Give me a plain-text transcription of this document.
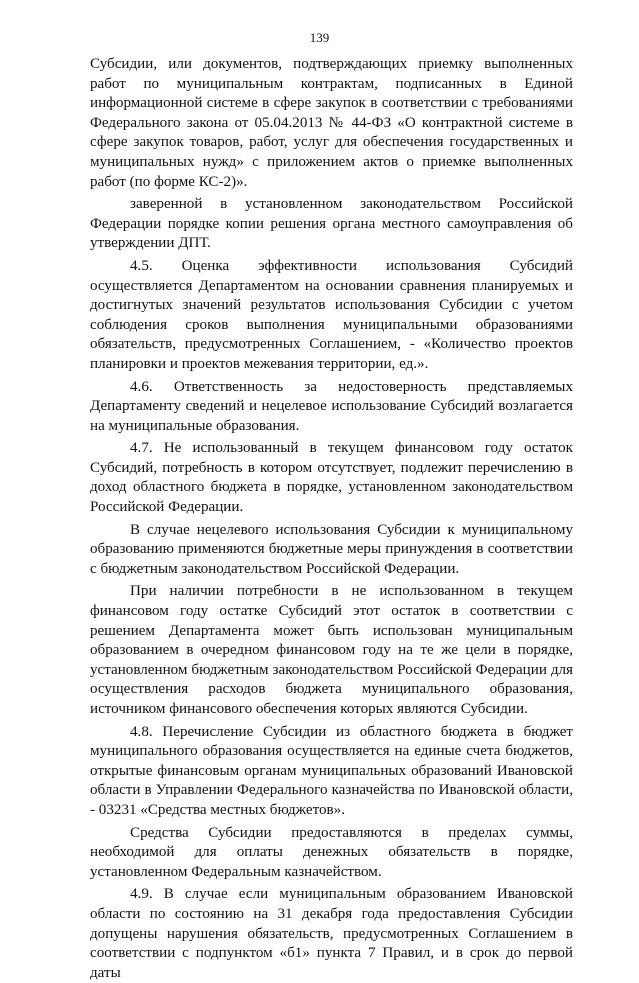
139

Субсидии, или документов, подтверждающих приемку выполненных работ по муниципальным контрактам, подписанных в Единой информационной системе в сфере закупок в соответствии с требованиями Федерального закона от 05.04.2013 № 44-ФЗ «О контрактной системе в сфере закупок товаров, работ, услуг для обеспечения государственных и муниципальных нужд» с приложением актов о приемке выполненных работ (по форме КС-2)».

заверенной в установленном законодательством Российской Федерации порядке копии решения органа местного самоуправления об утверждении ДПТ.

4.5. Оценка эффективности использования Субсидий осуществляется Департаментом на основании сравнения планируемых и достигнутых значений результатов использования Субсидии с учетом соблюдения сроков выполнения муниципальными образованиями обязательств, предусмотренных Соглашением, - «Количество проектов планировки и проектов межевания территории, ед.».

4.6. Ответственность за недостоверность представляемых Департаменту сведений и нецелевое использование Субсидий возлагается на муниципальные образования.

4.7. Не использованный в текущем финансовом году остаток Субсидий, потребность в котором отсутствует, подлежит перечислению в доход областного бюджета в порядке, установленном законодательством Российской Федерации.

В случае нецелевого использования Субсидии к муниципальному образованию применяются бюджетные меры принуждения в соответствии с бюджетным законодательством Российской Федерации.

При наличии потребности в не использованном в текущем финансовом году остатке Субсидий этот остаток в соответствии с решением Департамента может быть использован муниципальным образованием в очередном финансовом году на те же цели в порядке, установленном бюджетным законодательством Российской Федерации для осуществления расходов бюджета муниципального образования, источником финансового обеспечения которых являются Субсидии.

4.8. Перечисление Субсидии из областного бюджета в бюджет муниципального образования осуществляется на единые счета бюджетов, открытые финансовым органам муниципальных образований Ивановской области в Управлении Федерального казначейства по Ивановской области, - 03231 «Средства местных бюджетов».

Средства Субсидии предоставляются в пределах суммы, необходимой для оплаты денежных обязательств в порядке, установленном Федеральным казначейством.

4.9. В случае если муниципальным образованием Ивановской области по состоянию на 31 декабря года предоставления Субсидии допущены нарушения обязательств, предусмотренных Соглашением в соответствии с подпунктом «б1» пункта 7 Правил, и в срок до первой даты
